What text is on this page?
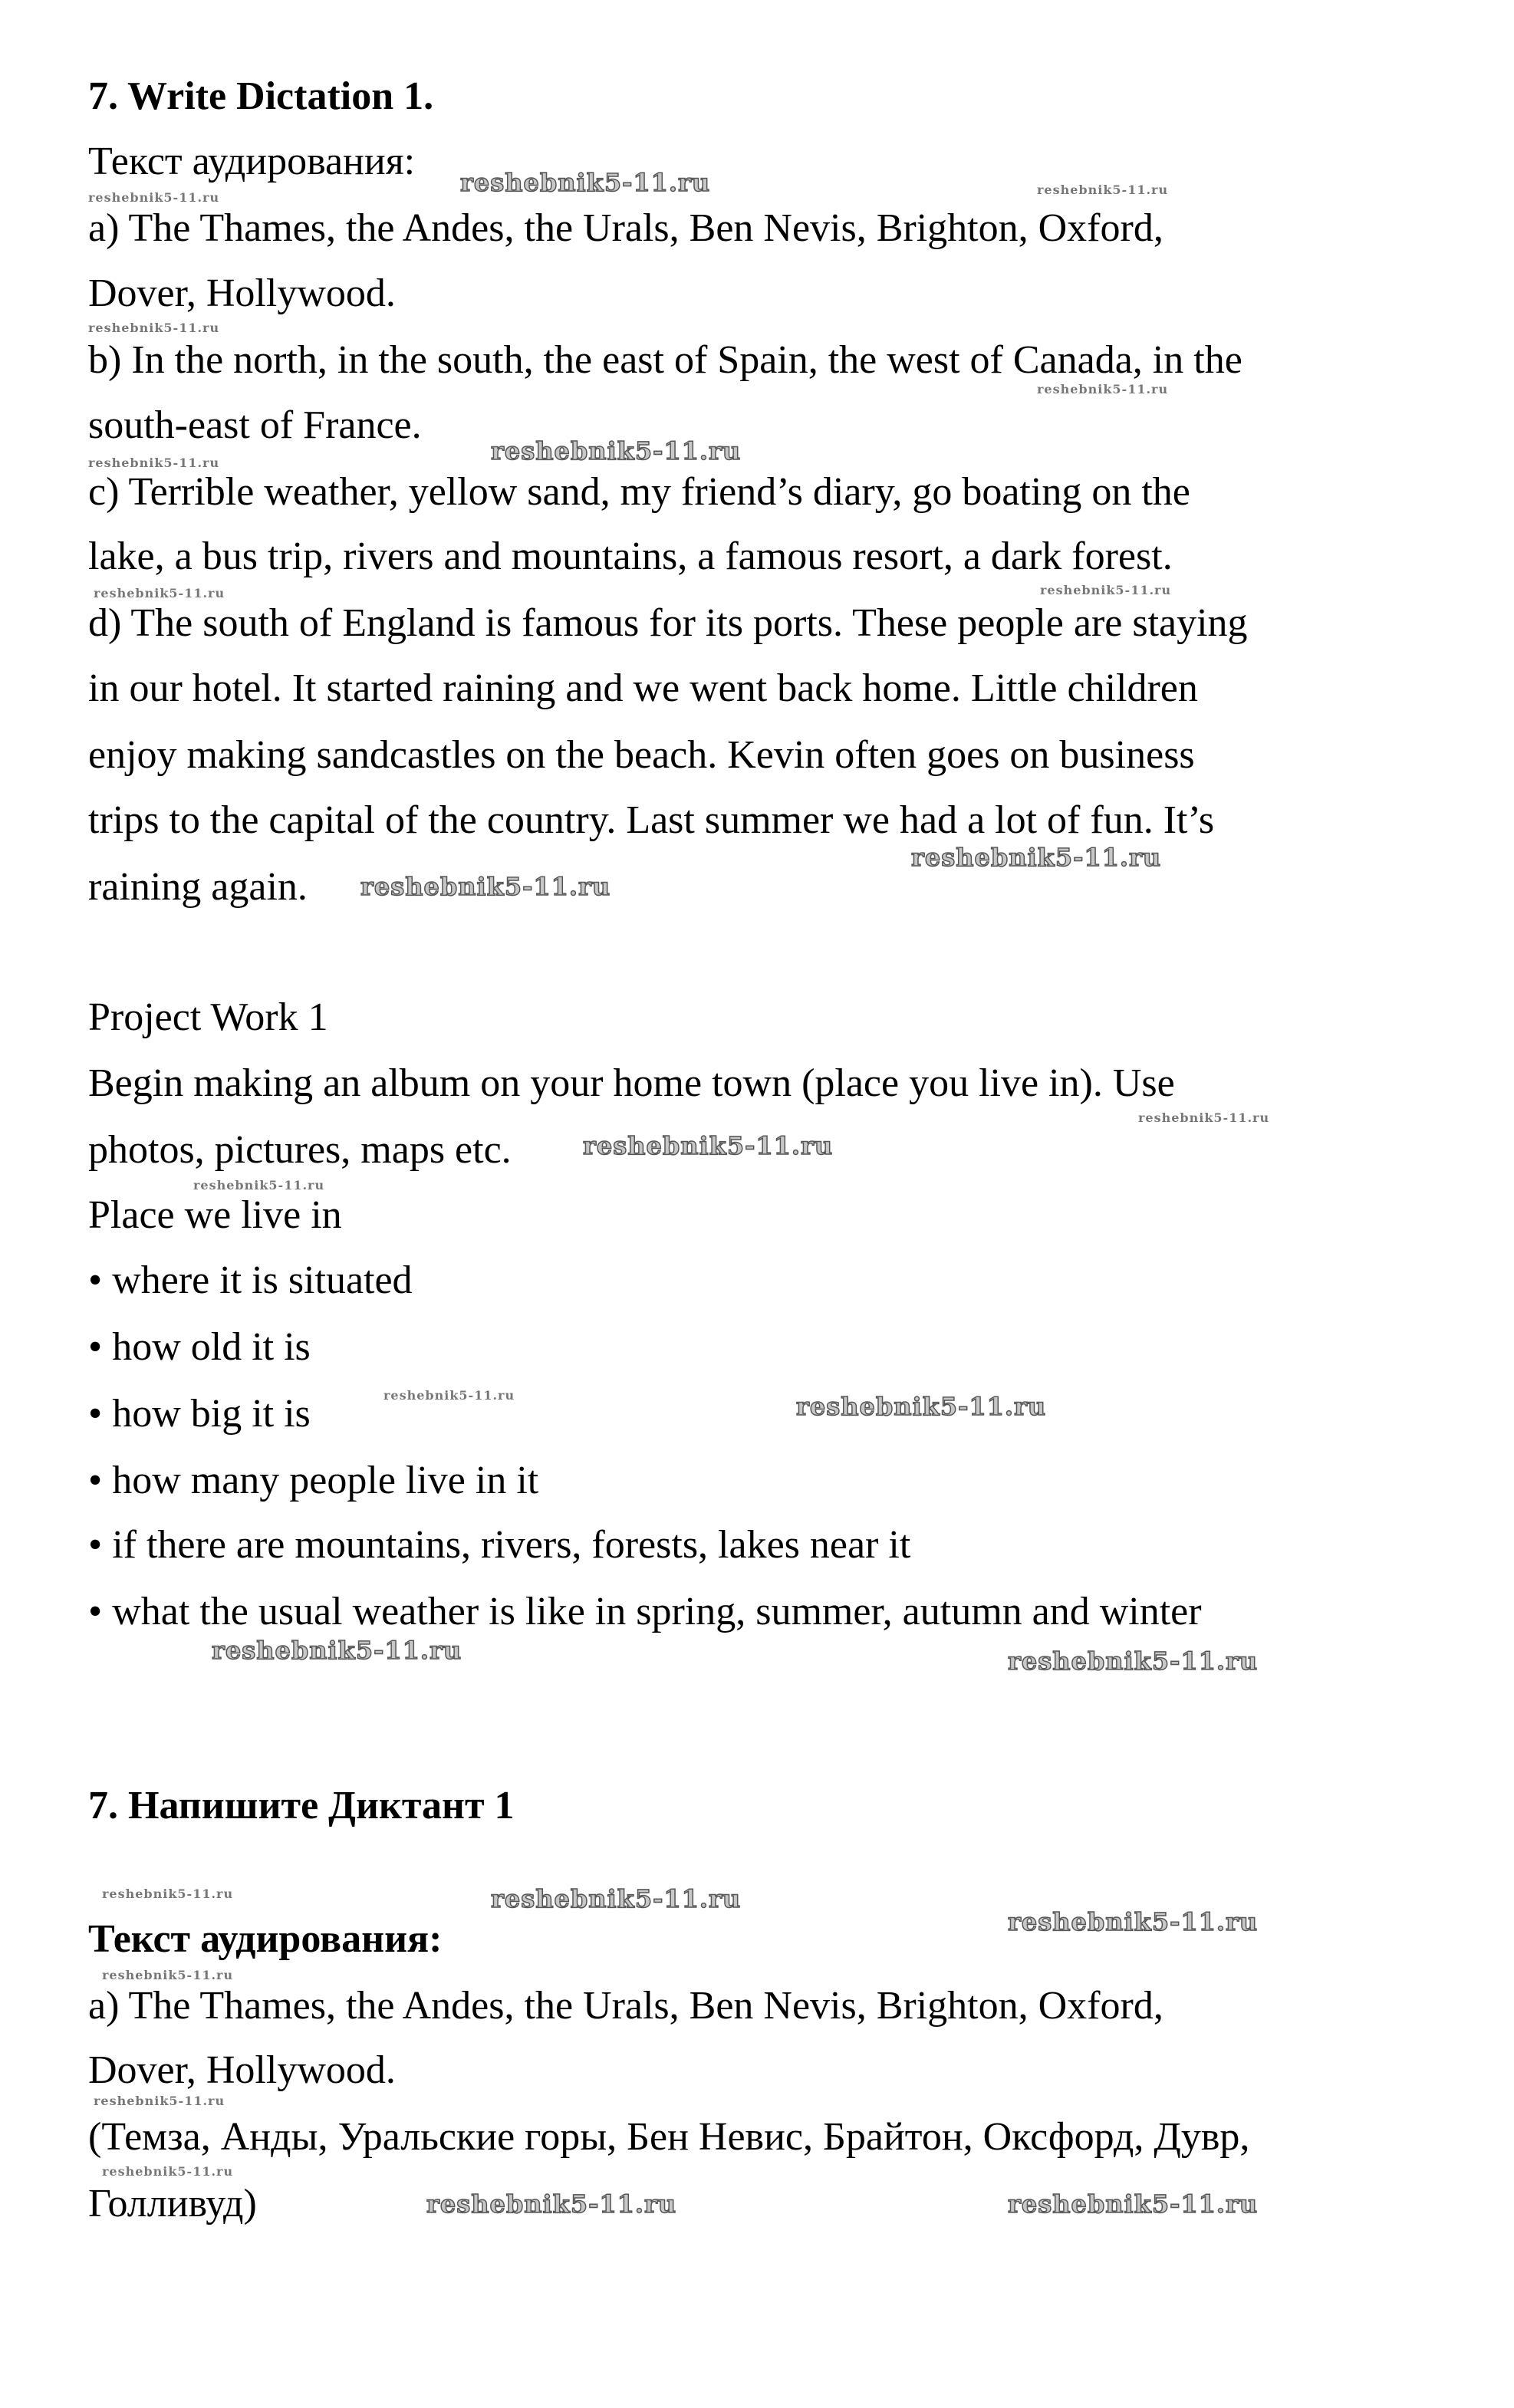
7. Write Dictation 1.
Текст аудирования:
a) The Thames, the Andes, the Urals, Ben Nevis, Brighton, Oxford,
Dover, Hollywood.
b) In the north, in the south, the east of Spain, the west of Canada, in the
south-east of France.
c) Terrible weather, yellow sand, my friend’s diary, go boating on the
lake, a bus trip, rivers and mountains, a famous resort, a dark forest.
d) The south of England is famous for its ports. These people are staying
in our hotel. It started raining and we went back home. Little children
enjoy making sandcastles on the beach. Kevin often goes on business
trips to the capital of the country. Last summer we had a lot of fun. It’s
raining again.
Project Work 1
Begin making an album on your home town (place you live in). Use
photos, pictures, maps etc.
Place we live in
• where it is situated
• how old it is
• how big it is
• how many people live in it
• if there are mountains, rivers, forests, lakes near it
• what the usual weather is like in spring, summer, autumn and winter
7. Напишите Диктант 1
Текст аудирования:
a) The Thames, the Andes, the Urals, Ben Nevis, Brighton, Oxford,
Dover, Hollywood.
(Темза, Анды, Уральские горы, Бен Невис, Брайтон, Оксфорд, Дувр,
Голливуд)
reshebnik5-11.ru	reshebnik5-11.ru
reshebnik5-11.ru
reshebnik5-11.ru
reshebnik5-11.ru
reshebnik5-11.ru
reshebnik5-11.ru
reshebnik5-11.ru	reshebnik5-11.ru
reshebnik5-11.ru
reshebnik5-11.ru
reshebnik5-11.ru
reshebnik5-11.ru
reshebnik5-11.ru
reshebnik5-11.ru	reshebnik5-11.ru
reshebnik5-11.ru	reshebnik5-11.ru
reshebnik5-11.ru
reshebnik5-11.ru
reshebnik5-11.ru
reshebnik5-11.ru
reshebnik5-11.ru
reshebnik5-11.ru
reshebnik5-11.ru	reshebnik5-11.ru
